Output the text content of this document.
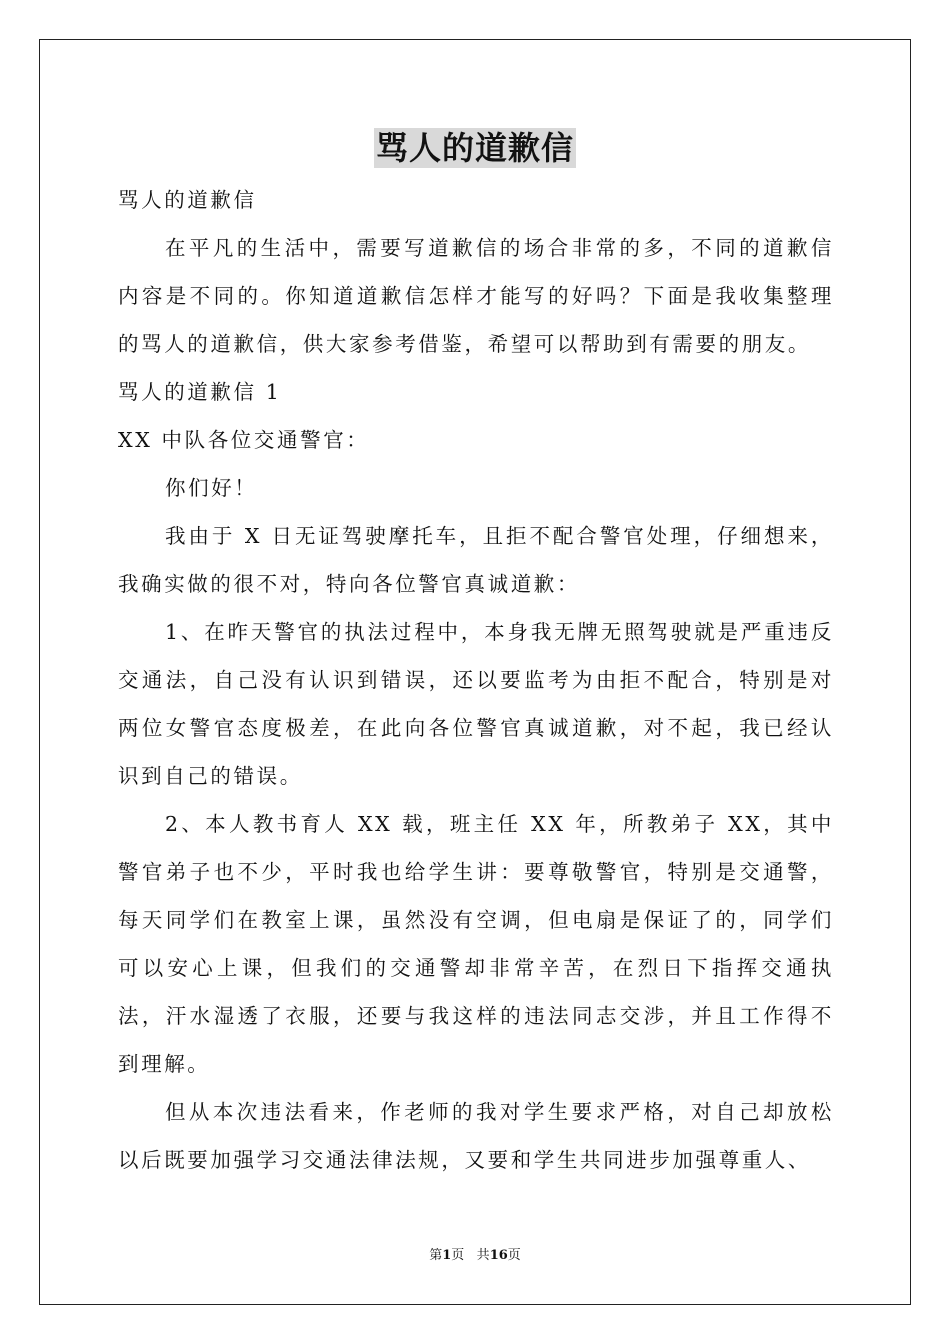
骂人的道歉信

骂人的道歉信

在平凡的生活中，需要写道歉信的场合非常的多，不同的道歉信内容是不同的。你知道道歉信怎样才能写的好吗？下面是我收集整理的骂人的道歉信，供大家参考借鉴，希望可以帮助到有需要的朋友。

骂人的道歉信 1

XX 中队各位交通警官：

你们好！

我由于 X 日无证驾驶摩托车，且拒不配合警官处理，仔细想来，我确实做的很不对，特向各位警官真诚道歉：

1、在昨天警官的执法过程中，本身我无牌无照驾驶就是严重违反交通法，自己没有认识到错误，还以要监考为由拒不配合，特别是对两位女警官态度极差，在此向各位警官真诚道歉，对不起，我已经认识到自己的错误。

2、本人教书育人 XX 载，班主任 XX 年，所教弟子 XX，其中警官弟子也不少，平时我也给学生讲：要尊敬警官，特别是交通警，每天同学们在教室上课，虽然没有空调，但电扇是保证了的，同学们可以安心上课，但我们的交通警却非常辛苦，在烈日下指挥交通执法，汗水湿透了衣服，还要与我这样的违法同志交涉，并且工作得不到理解。

但从本次违法看来，作老师的我对学生要求严格，对自己却放松以后既要加强学习交通法律法规，又要和学生共同进步加强尊重人、

第1页 共16页
